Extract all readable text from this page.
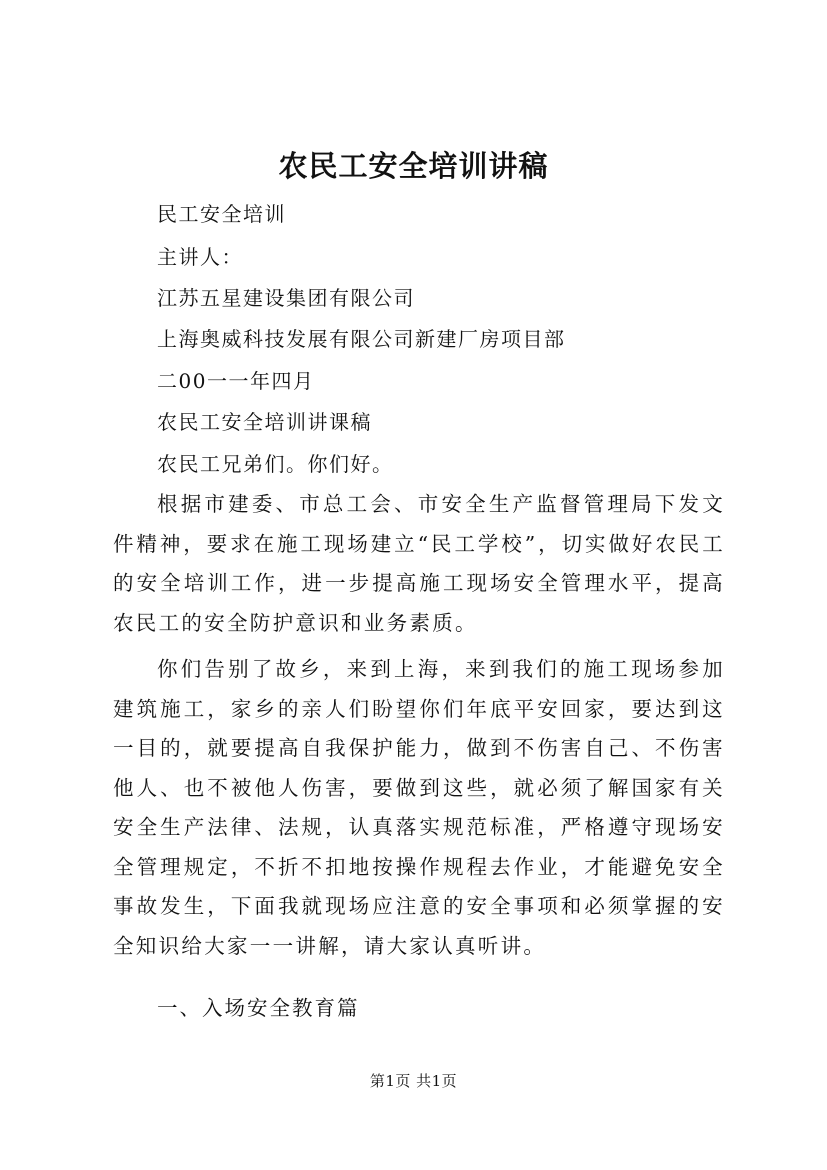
农民工安全培训讲稿
民工安全培训
主讲人：
江苏五星建设集团有限公司
上海奥威科技发展有限公司新建厂房项目部
二00一一年四月
农民工安全培训讲课稿
农民工兄弟们。你们好。
根据市建委、市总工会、市安全生产监督管理局下发文件精神，要求在施工现场建立“民工学校”，切实做好农民工的安全培训工作，进一步提高施工现场安全管理水平，提高农民工的安全防护意识和业务素质。
你们告别了故乡，来到上海，来到我们的施工现场参加建筑施工，家乡的亲人们盼望你们年底平安回家，要达到这一目的，就要提高自我保护能力，做到不伤害自己、不伤害他人、也不被他人伤害，要做到这些，就必须了解国家有关安全生产法律、法规，认真落实规范标准，严格遵守现场安全管理规定，不折不扣地按操作规程去作业，才能避免安全事故发生，下面我就现场应注意的安全事项和必须掌握的安全知识给大家一一讲解，请大家认真听讲。
一、入场安全教育篇
第1页 共1页
